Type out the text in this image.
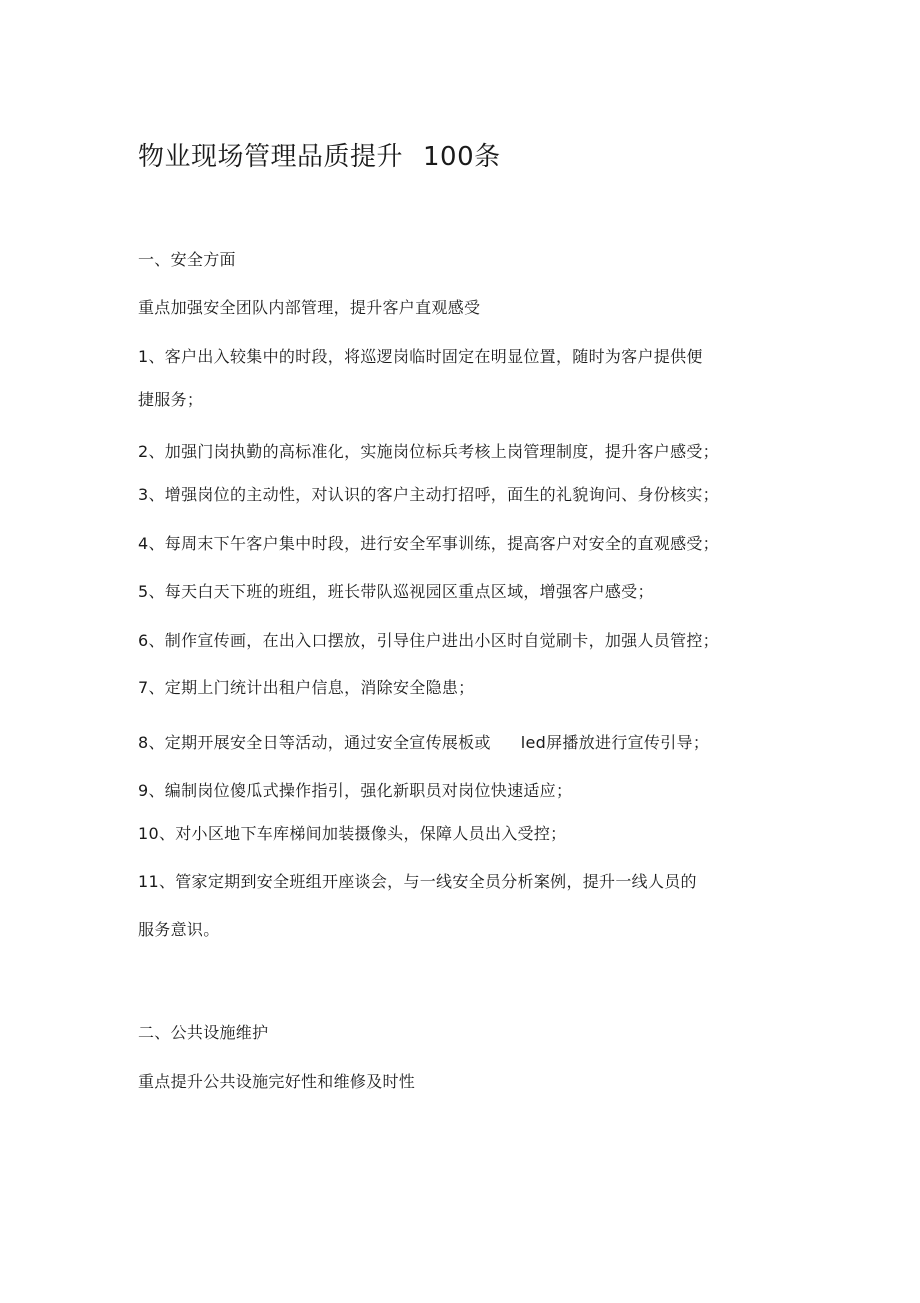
物业现场管理品质提升 100条
一、安全方面
重点加强安全团队内部管理，提升客户直观感受
1、客户出入较集中的时段，将巡逻岗临时固定在明显位置，随时为客户提供便
捷服务；
2、加强门岗执勤的高标准化，实施岗位标兵考核上岗管理制度，提升客户感受；
3、增强岗位的主动性，对认识的客户主动打招呼，面生的礼貌询问、身份核实；
4、每周末下午客户集中时段，进行安全军事训练，提高客户对安全的直观感受；
5、每天白天下班的班组，班长带队巡视园区重点区域，增强客户感受；
6、制作宣传画，在出入口摆放，引导住户进出小区时自觉刷卡，加强人员管控；
7、定期上门统计出租户信息，消除安全隐患；
8、定期开展安全日等活动，通过安全宣传展板或 led屏播放进行宣传引导；
9、编制岗位傻瓜式操作指引，强化新职员对岗位快速适应；
10、对小区地下车库梯间加装摄像头，保障人员出入受控；
11、管家定期到安全班组开座谈会，与一线安全员分析案例，提升一线人员的
服务意识。
二、公共设施维护
重点提升公共设施完好性和维修及时性
